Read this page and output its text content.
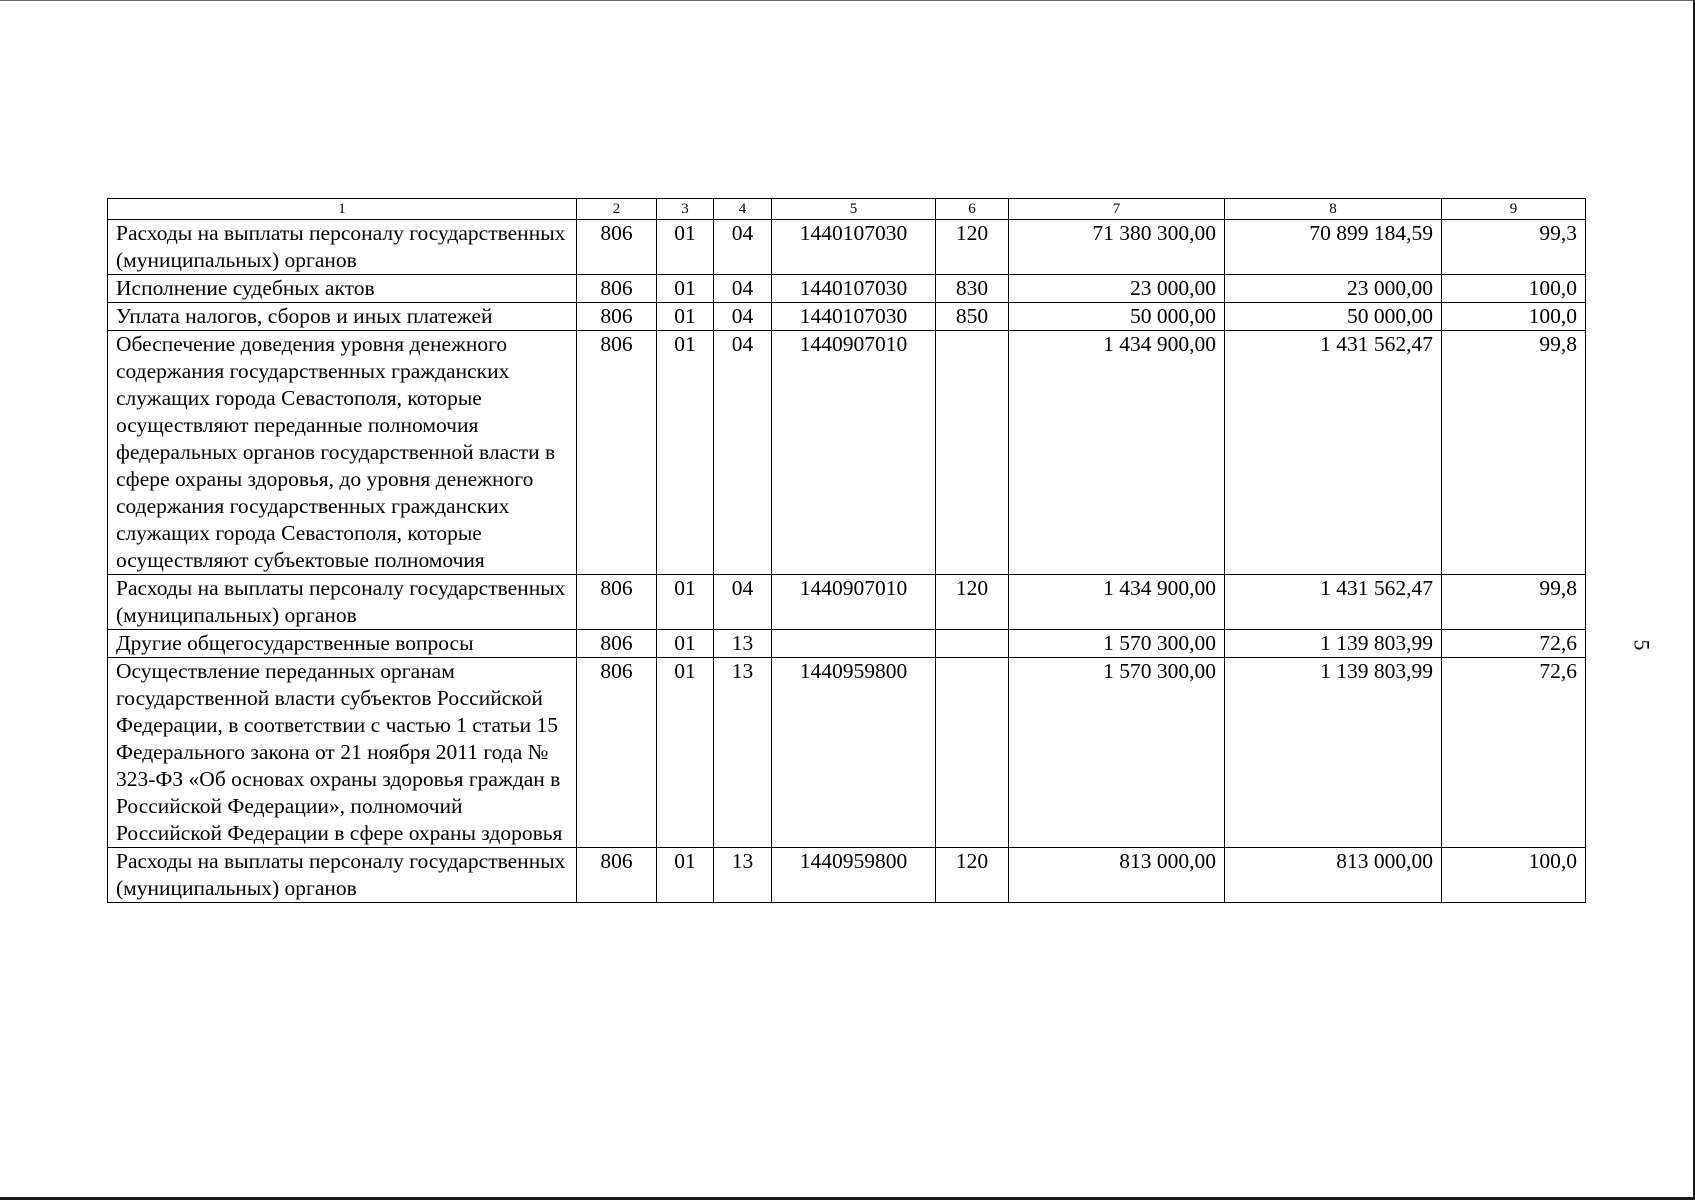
1	2	3	4	5	6	7	8	9
Расходы на выплаты персоналу государственных (муниципальных) органов	806	01	04	1440107030	120	71 380 300,00	70 899 184,59	99,3
Исполнение судебных актов	806	01	04	1440107030	830	23 000,00	23 000,00	100,0
Уплата налогов, сборов и иных платежей	806	01	04	1440107030	850	50 000,00	50 000,00	100,0
Обеспечение доведения уровня денежного содержания государственных гражданских служащих города Севастополя, которые осуществляют переданные полномочия федеральных органов государственной власти в сфере охраны здоровья, до уровня денежного содержания государственных гражданских служащих города Севастополя, которые осуществляют субъектовые полномочия	806	01	04	1440907010		1 434 900,00	1 431 562,47	99,8
Расходы на выплаты персоналу государственных (муниципальных) органов	806	01	04	1440907010	120	1 434 900,00	1 431 562,47	99,8
Другие общегосударственные вопросы	806	01	13			1 570 300,00	1 139 803,99	72,6
Осуществление переданных органам государственной власти субъектов Российской Федерации, в соответствии с частью 1 статьи 15 Федерального закона от 21 ноября 2011 года № 323-ФЗ «Об основах охраны здоровья граждан в Российской Федерации», полномочий Российской Федерации в сфере охраны здоровья	806	01	13	1440959800		1 570 300,00	1 139 803,99	72,6
Расходы на выплаты персоналу государственных (муниципальных) органов	806	01	13	1440959800	120	813 000,00	813 000,00	100,0
5
